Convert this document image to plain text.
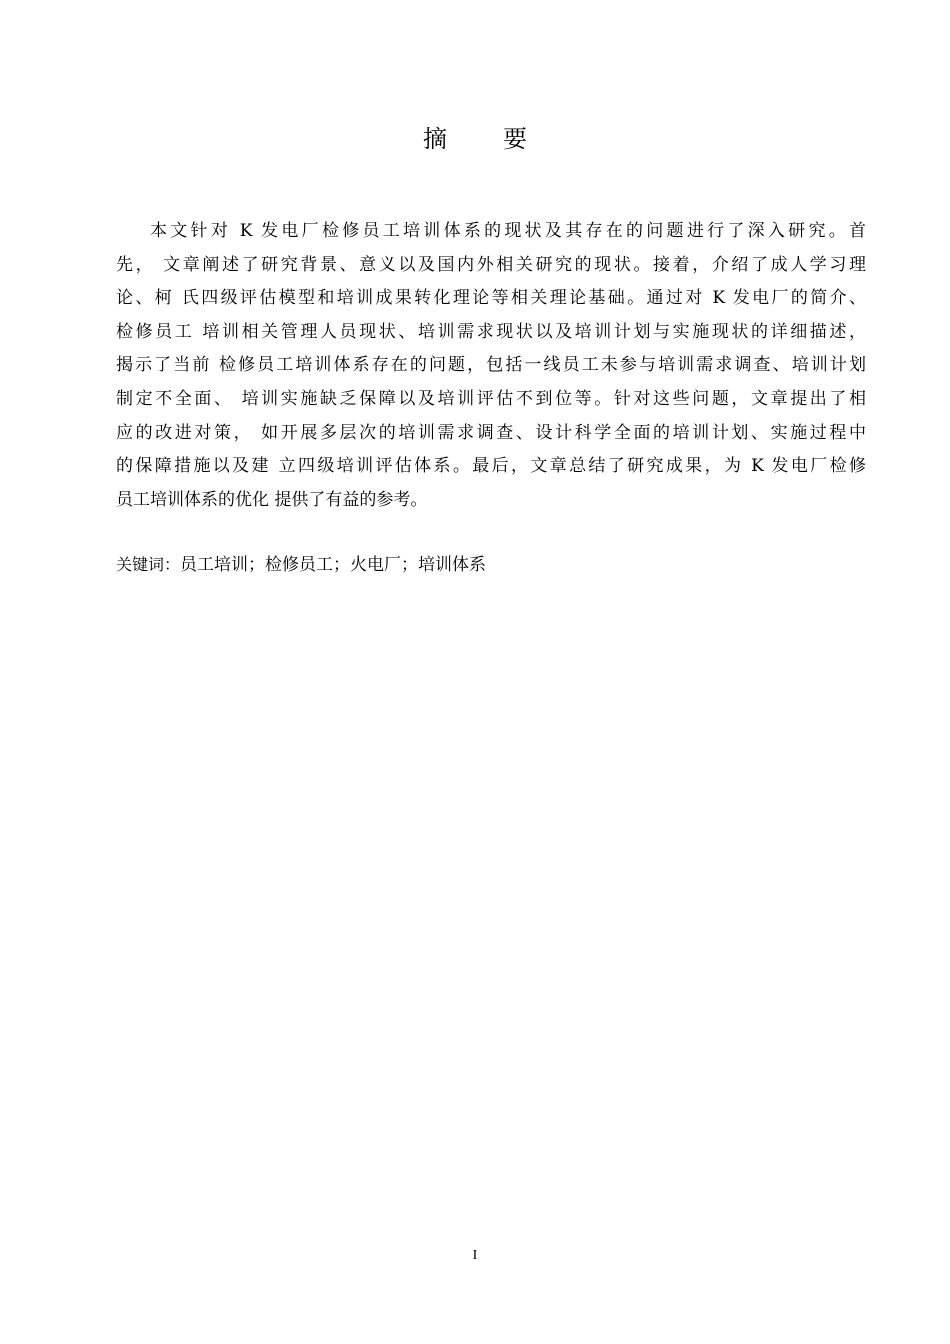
摘　要
本文针对 K 发电厂检修员工培训体系的现状及其存在的问题进行了深入研究。首
先， 文章阐述了研究背景、意义以及国内外相关研究的现状。接着，介绍了成人学习理
论、柯 氏四级评估模型和培训成果转化理论等相关理论基础。通过对 K 发电厂的简介、
检修员工 培训相关管理人员现状、培训需求现状以及培训计划与实施现状的详细描述，
揭示了当前 检修员工培训体系存在的问题，包括一线员工未参与培训需求调查、培训计划
制定不全面、 培训实施缺乏保障以及培训评估不到位等。针对这些问题，文章提出了相
应的改进对策， 如开展多层次的培训需求调查、设计科学全面的培训计划、实施过程中
的保障措施以及建 立四级培训评估体系。最后，文章总结了研究成果，为 K 发电厂检修
员工培训体系的优化 提供了有益的参考。

关键词：员工培训；检修员工；火电厂；培训体系

I
